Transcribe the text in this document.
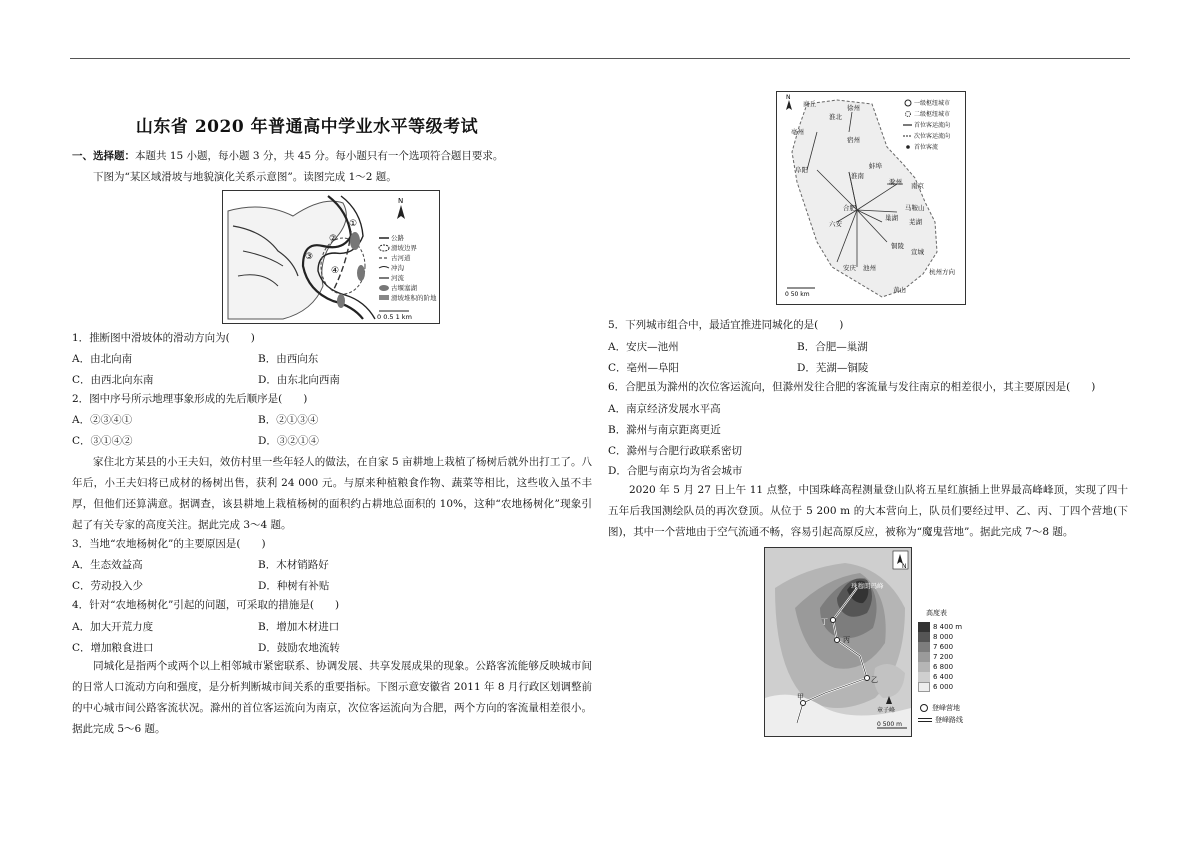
山东省 2020 年普通高中学业水平等级考试
一、选择题：本题共 15 小题，每小题 3 分，共 45 分。每小题只有一个选项符合题目要求。
下图为“某区域滑坡与地貌演化关系示意图”。读图完成 1～2 题。
①
②
③
④
N
公路
滑坡边界
古河道
冲沟
河流
古堰塞湖
滑坡堆积的阶地
0 0.5 1 km
1．推断图中滑坡体的滑动方向为(　　)
A．由北向南	B．由西向东
C．由西北向东南	D．由东北向西南
2．图中序号所示地理事象形成的先后顺序是(　　)
A．②③④①	B．②①③④
C．③①④②	D．③②①④
家住北方某县的小王夫妇，效仿村里一些年轻人的做法，在自家 5 亩耕地上栽植了杨树后就外出打工了。八年后，小王夫妇将已成材的杨树出售，获利 24 000 元。与原来种植粮食作物、蔬菜等相比，这些收入虽不丰厚，但他们还算满意。据调查，该县耕地上栽植杨树的面积约占耕地总面积的 10%，这种“农地杨树化”现象引起了有关专家的高度关注。据此完成 3～4 题。
3．当地“农地杨树化”的主要原因是(　　)
A．生态效益高	B．木材销路好
C．劳动投入少	D．种树有补贴
4．针对“农地杨树化”引起的问题，可采取的措施是(　　)
A．加大开荒力度	B．增加木材进口
C．增加粮食进口	D．鼓励农地流转
同城化是指两个或两个以上相邻城市紧密联系、协调发展、共享发展成果的现象。公路客流能够反映城市间的日常人口流动方向和强度，是分析判断城市间关系的重要指标。下图示意安徽省 2011 年 8 月行政区划调整前的中心城市间公路客流状况。滁州的首位客运流向为南京，次位客运流向为合肥，两个方向的客流量相差很小。据此完成 5～6 题。
N
商丘	徐州
淮北
宿州
亳州
蚌埠
阜阳
淮南
滁州 南京
合肥	马鞍山
巢湖 芜湖
六安
铜陵
宣城
安庆 池州	杭州方向
黄山
一级枢纽城市
二级枢纽城市
首位客运流向
次位客运流向
首位客流
0 50 km
5．下列城市组合中，最适宜推进同城化的是(　　)
A．安庆—池州	B．合肥—巢湖
C．亳州—阜阳	D．芜湖—铜陵
6．合肥虽为滁州的次位客运流向，但滁州发往合肥的客流量与发往南京的相差很小，其主要原因是(　　)
A．南京经济发展水平高
B．滁州与南京距离更近
C．滁州与合肥行政联系密切
D．合肥与南京均为省会城市
2020 年 5 月 27 日上午 11 点整，中国珠峰高程测量登山队将五星红旗插上世界最高峰峰顶，实现了四十五年后我国测绘队员的再次登顶。从位于 5 200 m 的大本营向上，队员们要经过甲、乙、丙、丁四个营地(下图)，其中一个营地由于空气流通不畅，容易引起高原反应，被称为“魔鬼营地”。据此完成 7～8 题。
珠穆朗玛峰
丁
丙
乙
甲
章子峰
N
0 500 m
高度表
8 400 m
8 000
7 600
7 200
6 800
6 400
6 000
登峰营地
登峰路线
